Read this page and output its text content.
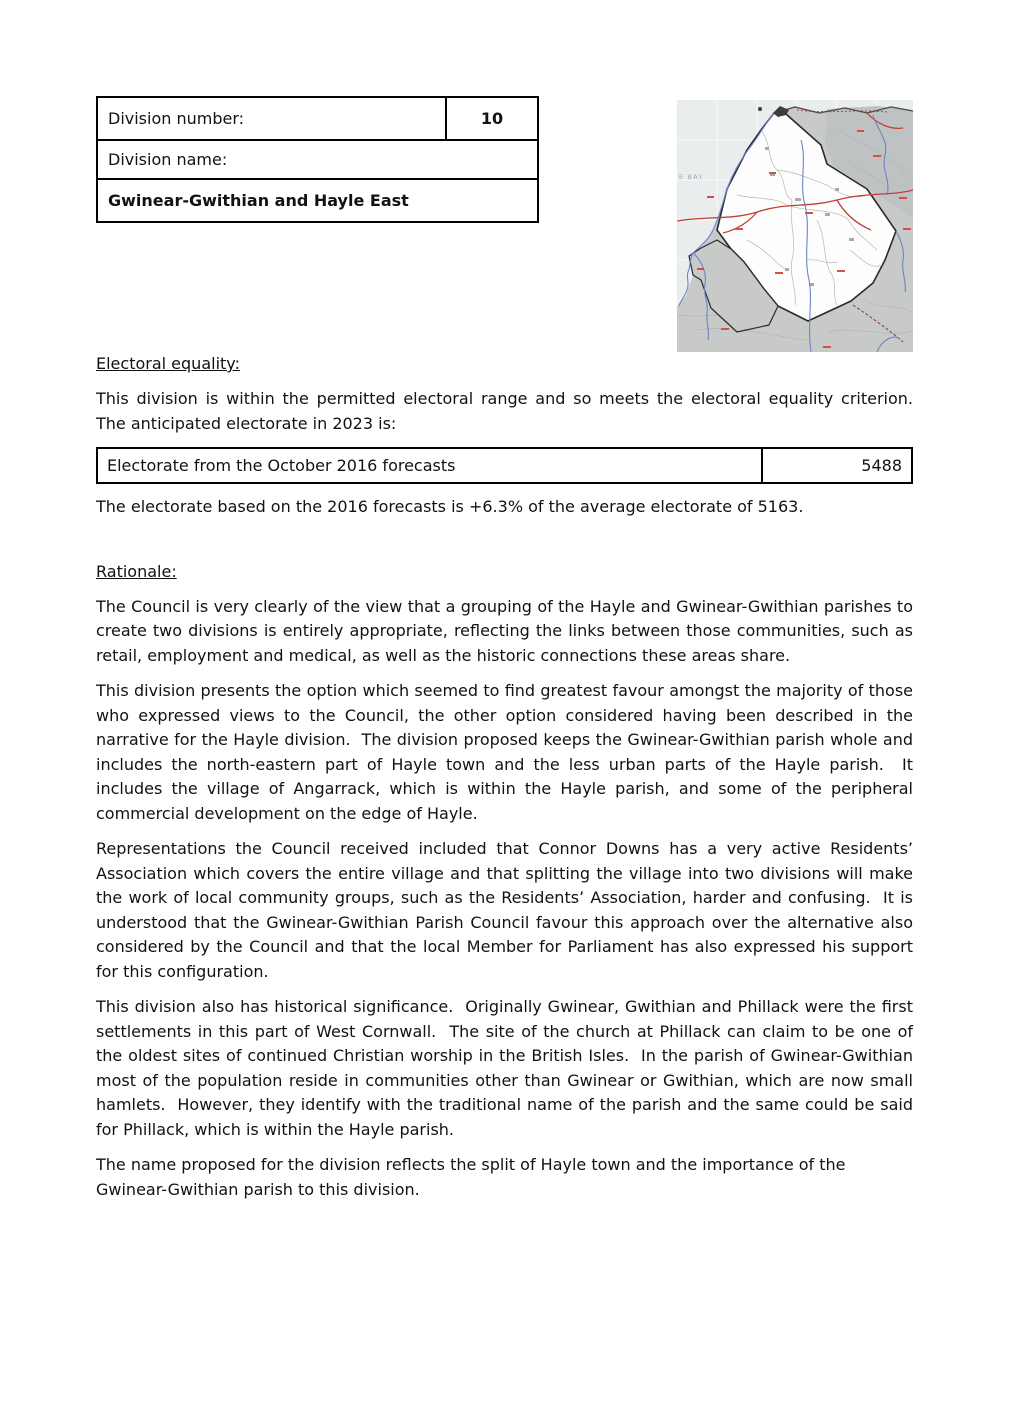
Division number:	10
Division name:
Gwinear-Gwithian and Hayle East
E BAY
Electoral equality:

This division is within the permitted electoral range and so meets the electoral equality criterion.  The anticipated electorate in 2023 is:

Electorate from the October 2016 forecasts	5488

The electorate based on the 2016 forecasts is +6.3% of the average electorate of 5163.

Rationale:

The Council is very clearly of the view that a grouping of the Hayle and Gwinear-Gwithian parishes to create two divisions is entirely appropriate, reflecting the links between those communities, such as retail, employment and medical, as well as the historic connections these areas share.

This division presents the option which seemed to find greatest favour amongst the majority of those who expressed views to the Council, the other option considered having been described in the narrative for the Hayle division.  The division proposed keeps the Gwinear-Gwithian parish whole and includes the north-eastern part of Hayle town and the less urban parts of the Hayle parish.  It includes the village of Angarrack, which is within the Hayle parish, and some of the peripheral commercial development on the edge of Hayle.

Representations the Council received included that Connor Downs has a very active Residents’ Association which covers the entire village and that splitting the village into two divisions will make the work of local community groups, such as the Residents’ Association, harder and confusing.  It is understood that the Gwinear-Gwithian Parish Council favour this approach over the alternative also considered by the Council and that the local Member for Parliament has also expressed his support for this configuration.

This division also has historical significance.  Originally Gwinear, Gwithian and Phillack were the first settlements in this part of West Cornwall.  The site of the church at Phillack can claim to be one of the oldest sites of continued Christian worship in the British Isles.  In the parish of Gwinear-Gwithian most of the population reside in communities other than Gwinear or Gwithian, which are now small hamlets.  However, they identify with the traditional name of the parish and the same could be said for Phillack, which is within the Hayle parish.

The name proposed for the division reflects the split of Hayle town and the importance of the Gwinear-Gwithian parish to this division.
